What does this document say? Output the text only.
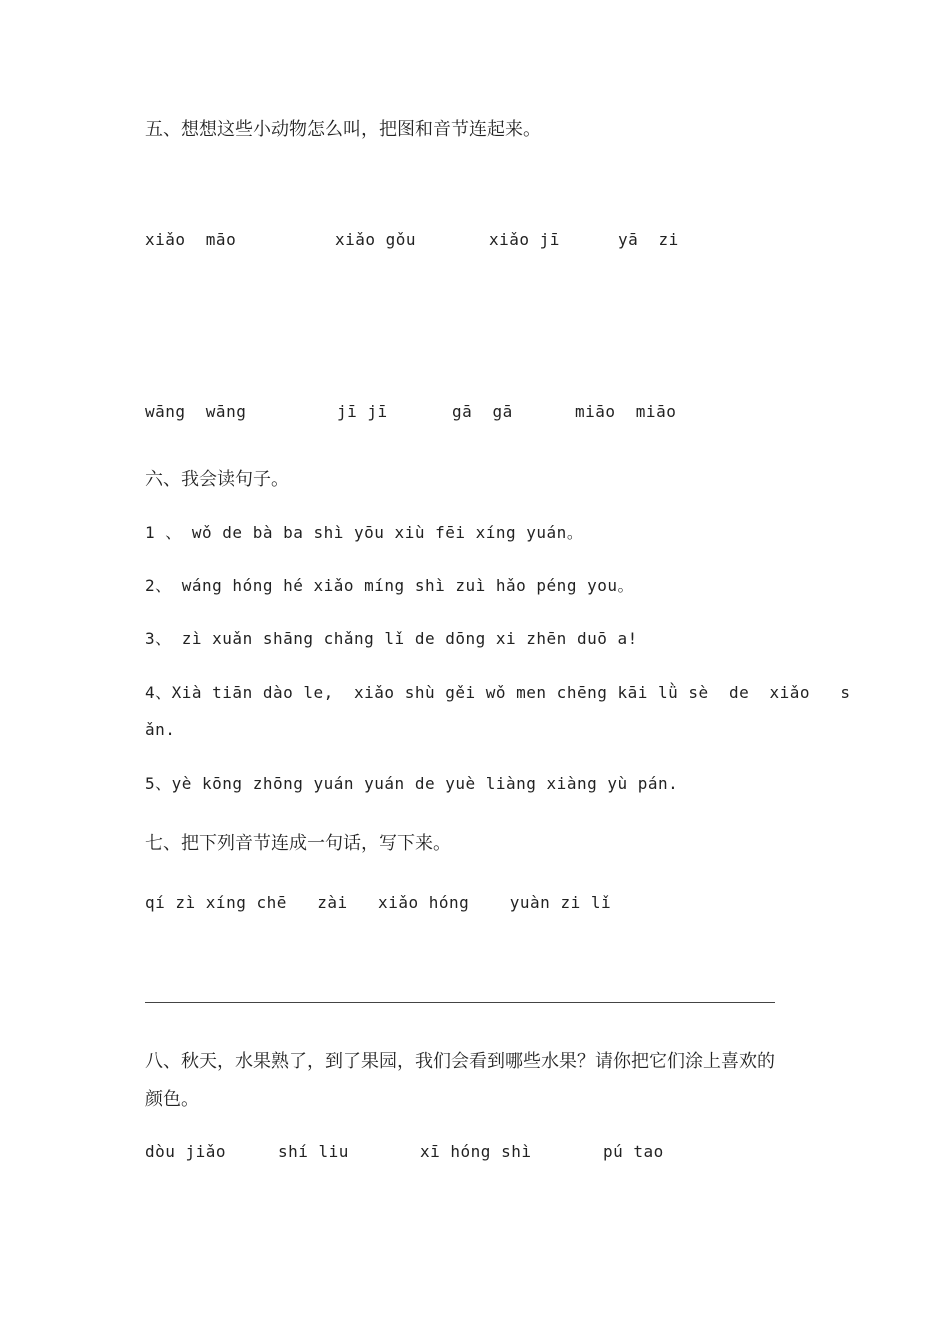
五、想想这些小动物怎么叫，把图和音节连起来。
xiǎo  māo	xiǎo gǒu	xiǎo jī	yā  zi
wāng  wāng	jī jī	gā  gā	miāo  miāo
六、我会读句子。
1 、 wǒ de bà ba shì yōu xiù fēi xíng yuán。
2、 wáng hóng hé xiǎo míng shì zuì hǎo péng you。
3、 zì xuǎn shāng chǎng lǐ de dōng xi zhēn duō a!
4、Xià tiān dào le,  xiǎo shù gěi wǒ men chēng kāi lǜ sè  de  xiǎo   s
ǎn.
5、yè kōng zhōng yuán yuán de yuè liàng xiàng yù pán.
七、把下列音节连成一句话，写下来。
qí zì xíng chē   zài   xiǎo hóng    yuàn zi lǐ
八、秋天，水果熟了，到了果园，我们会看到哪些水果？请你把它们涂上喜欢的
颜色。
dòu jiǎo	shí liu	xī hóng shì	pú tao
